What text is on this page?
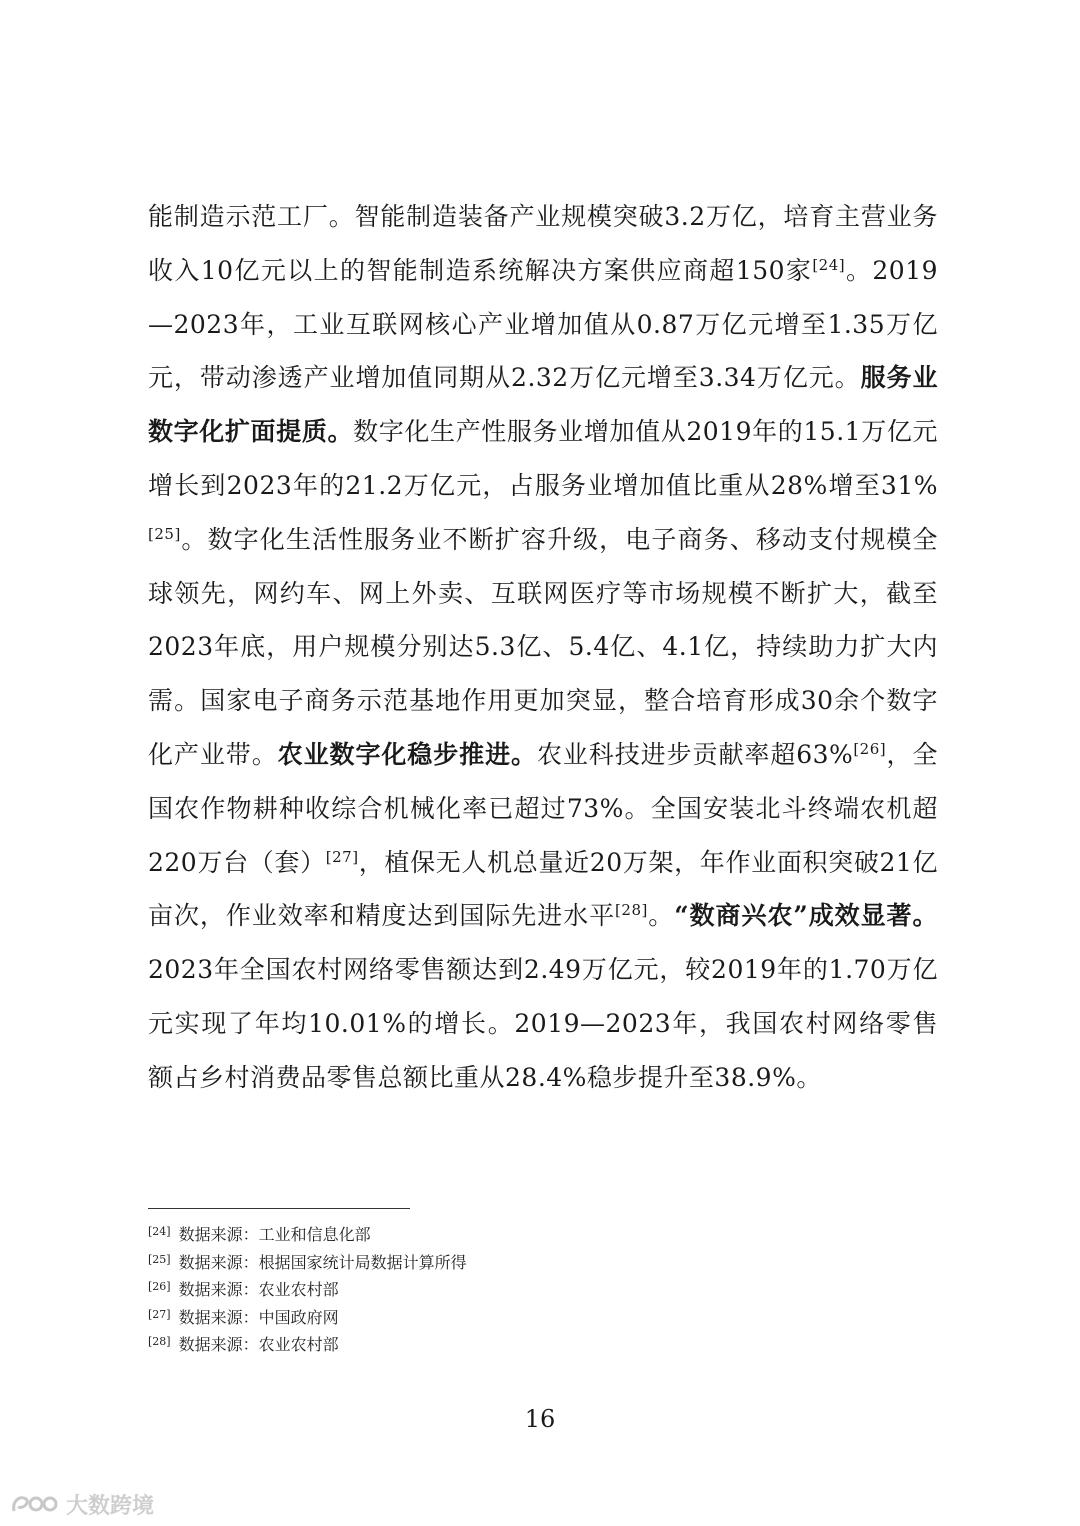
能制造示范工厂。智能制造装备产业规模突破3.2万亿，培育主营业务收入10亿元以上的智能制造系统解决方案供应商超150家[24]。2019—2023年，工业互联网核心产业增加值从0.87万亿元增至1.35万亿元，带动渗透产业增加值同期从2.32万亿元增至3.34万亿元。服务业数字化扩面提质。数字化生产性服务业增加值从2019年的15.1万亿元增长到2023年的21.2万亿元，占服务业增加值比重从28%增至31%[25]。数字化生活性服务业不断扩容升级，电子商务、移动支付规模全球领先，网约车、网上外卖、互联网医疗等市场规模不断扩大，截至2023年底，用户规模分别达5.3亿、5.4亿、4.1亿，持续助力扩大内需。国家电子商务示范基地作用更加突显，整合培育形成30余个数字化产业带。农业数字化稳步推进。农业科技进步贡献率超63%[26]，全国农作物耕种收综合机械化率已超过73%。全国安装北斗终端农机超220万台（套）[27]，植保无人机总量近20万架，年作业面积突破21亿亩次，作业效率和精度达到国际先进水平[28]。“数商兴农”成效显著。2023年全国农村网络零售额达到2.49万亿元，较2019年的1.70万亿元实现了年均10.01%的增长。2019—2023年，我国农村网络零售额占乡村消费品零售总额比重从28.4%稳步提升至38.9%。

[24] 数据来源：工业和信息化部
[25] 数据来源：根据国家统计局数据计算所得
[26] 数据来源：农业农村部
[27] 数据来源：中国政府网
[28] 数据来源：农业农村部
16
大数跨境
